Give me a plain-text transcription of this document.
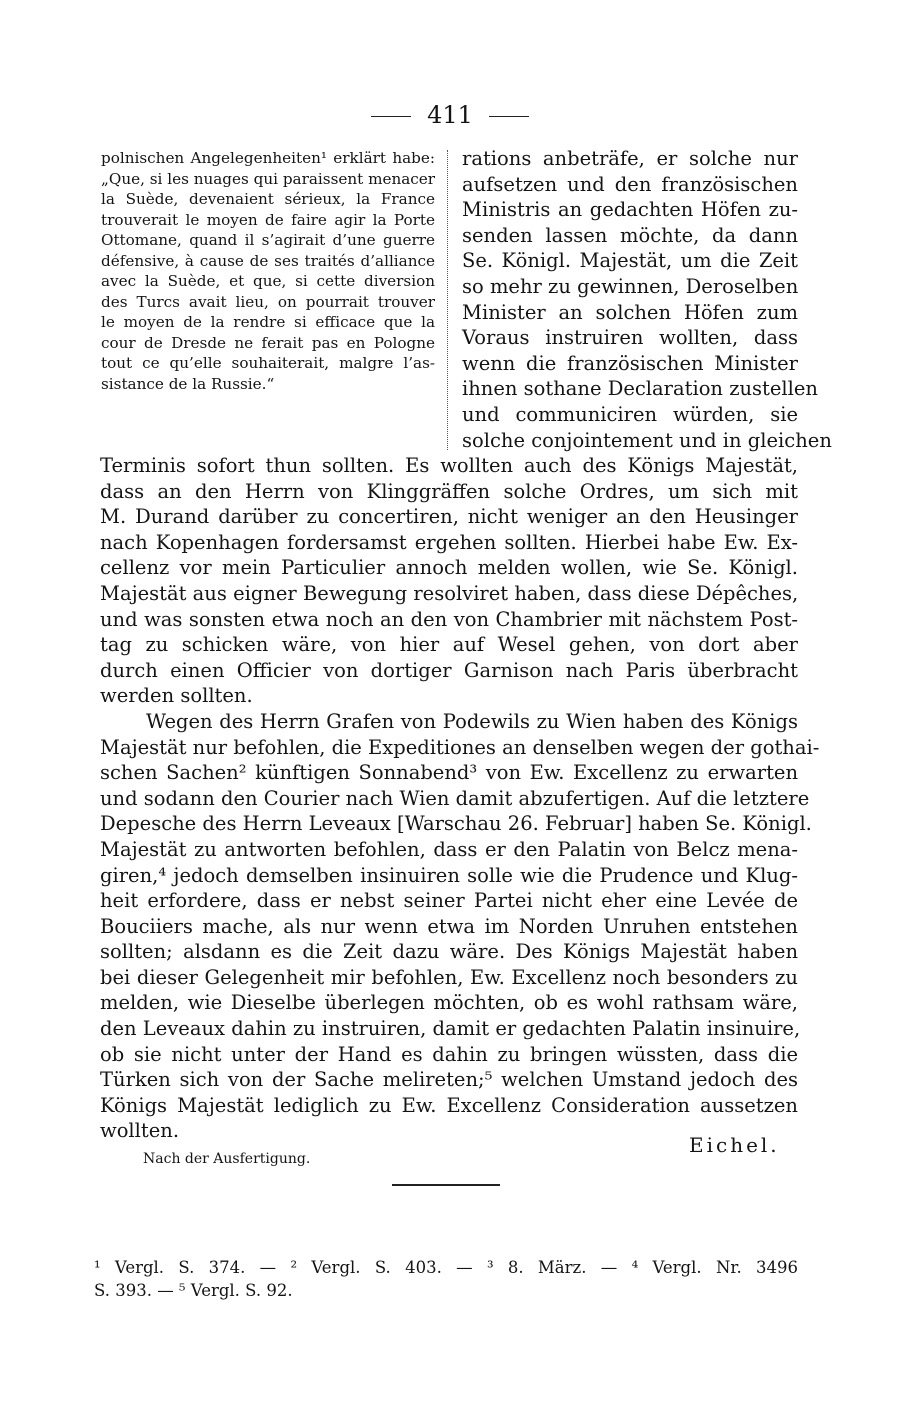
411
polnischen Angelegenheiten¹ erklärt habe:
„Que, si les nuages qui paraissent menacer
la Suède, devenaient sérieux, la France
trouverait le moyen de faire agir la Porte
Ottomane, quand il s’agirait d’une guerre
défensive, à cause de ses traités d’alliance
avec la Suède, et que, si cette diversion
des Turcs avait lieu, on pourrait trouver
le moyen de la rendre si efficace que la
cour de Dresde ne ferait pas en Pologne
tout ce qu’elle souhaiterait, malgre l’as-
sistance de la Russie.“
rations anbeträfe, er solche nur
aufsetzen und den französischen
Ministris an gedachten Höfen zu-
senden lassen möchte, da dann
Se. Königl. Majestät, um die Zeit
so mehr zu gewinnen, Deroselben
Minister an solchen Höfen zum
Voraus instruiren wollten, dass
wenn die französischen Minister
ihnen sothane Declaration zustellen
und communiciren würden, sie
solche conjointement und in gleichen
Terminis sofort thun sollten. Es wollten auch des Königs Majestät,
dass an den Herrn von Klinggräffen solche Ordres, um sich mit
M. Durand darüber zu concertiren, nicht weniger an den Heusinger
nach Kopenhagen fordersamst ergehen sollten. Hierbei habe Ew. Ex-
cellenz vor mein Particulier annoch melden wollen, wie Se. Königl.
Majestät aus eigner Bewegung resolviret haben, dass diese Dépêches,
und was sonsten etwa noch an den von Chambrier mit nächstem Post-
tag zu schicken wäre, von hier auf Wesel gehen, von dort aber
durch einen Officier von dortiger Garnison nach Paris überbracht
werden sollten.
Wegen des Herrn Grafen von Podewils zu Wien haben des Königs
Majestät nur befohlen, die Expeditiones an denselben wegen der gothai-
schen Sachen² künftigen Sonnabend³ von Ew. Excellenz zu erwarten
und sodann den Courier nach Wien damit abzufertigen. Auf die letztere
Depesche des Herrn Leveaux [Warschau 26. Februar] haben Se. Königl.
Majestät zu antworten befohlen, dass er den Palatin von Belcz mena-
giren,⁴ jedoch demselben insinuiren solle wie die Prudence und Klug-
heit erfordere, dass er nebst seiner Partei nicht eher eine Levée de
Bouciiers mache, als nur wenn etwa im Norden Unruhen entstehen
sollten; alsdann es die Zeit dazu wäre. Des Königs Majestät haben
bei dieser Gelegenheit mir befohlen, Ew. Excellenz noch besonders zu
melden, wie Dieselbe überlegen möchten, ob es wohl rathsam wäre,
den Leveaux dahin zu instruiren, damit er gedachten Palatin insinuire,
ob sie nicht unter der Hand es dahin zu bringen wüssten, dass die
Türken sich von der Sache melireten;⁵ welchen Umstand jedoch des
Königs Majestät lediglich zu Ew. Excellenz Consideration aussetzen
wollten.
Eichel.
Nach der Ausfertigung.
¹ Vergl. S. 374. — ² Vergl. S. 403. — ³ 8. März. — ⁴ Vergl. Nr. 3496
S. 393. — ⁵ Vergl. S. 92.
